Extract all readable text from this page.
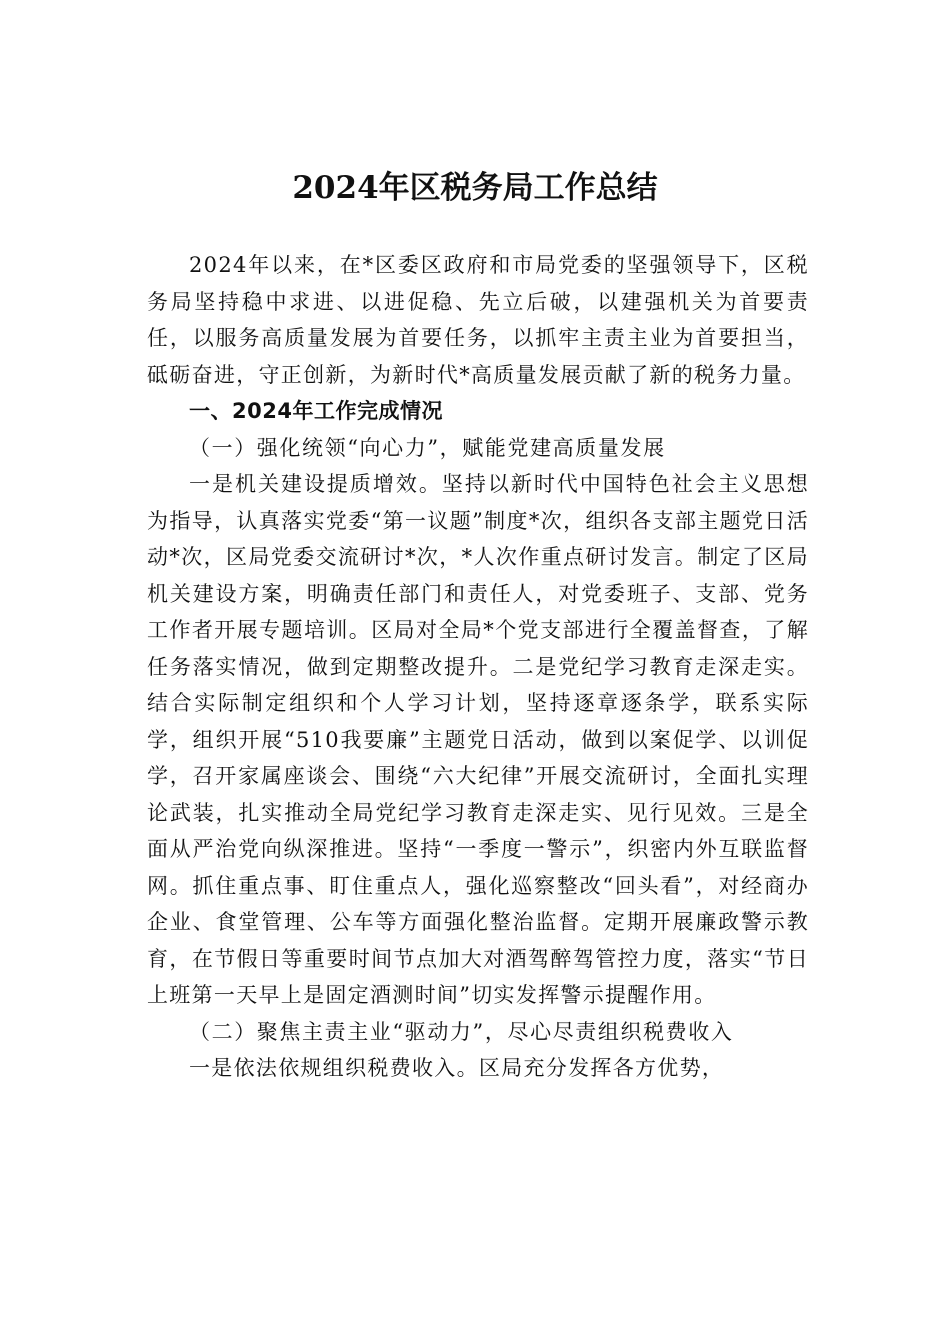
2024年区税务局工作总结

2024年以来，在*区委区政府和市局党委的坚强领导下，区税务局坚持稳中求进、以进促稳、先立后破，以建强机关为首要责任，以服务高质量发展为首要任务，以抓牢主责主业为首要担当，砥砺奋进，守正创新，为新时代*高质量发展贡献了新的税务力量。

一、2024年工作完成情况

（一）强化统领“向心力”，赋能党建高质量发展

一是机关建设提质增效。坚持以新时代中国特色社会主义思想为指导，认真落实党委“第一议题”制度*次，组织各支部主题党日活动*次，区局党委交流研讨*次，*人次作重点研讨发言。制定了区局机关建设方案，明确责任部门和责任人，对党委班子、支部、党务工作者开展专题培训。区局对全局*个党支部进行全覆盖督查，了解任务落实情况，做到定期整改提升。二是党纪学习教育走深走实。结合实际制定组织和个人学习计划，坚持逐章逐条学，联系实际学，组织开展“510我要廉”主题党日活动，做到以案促学、以训促学，召开家属座谈会、围绕“六大纪律”开展交流研讨，全面扎实理论武装，扎实推动全局党纪学习教育走深走实、见行见效。三是全面从严治党向纵深推进。坚持“一季度一警示”，织密内外互联监督网。抓住重点事、盯住重点人，强化巡察整改“回头看”，对经商办企业、食堂管理、公车等方面强化整治监督。定期开展廉政警示教育，在节假日等重要时间节点加大对酒驾醉驾管控力度，落实“节日上班第一天早上是固定酒测时间”切实发挥警示提醒作用。

（二）聚焦主责主业“驱动力”，尽心尽责组织税费收入

一是依法依规组织税费收入。区局充分发挥各方优势，
